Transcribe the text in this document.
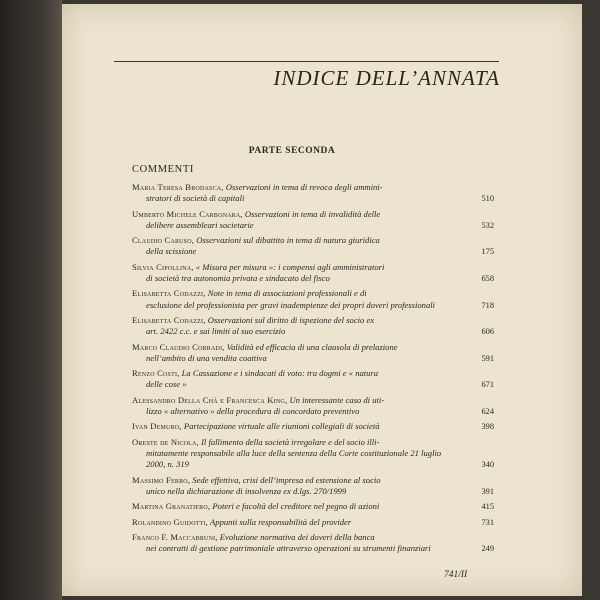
INDICE DELL’ANNATA
PARTE SECONDA
COMMENTI
Maria Teresa Brodasca, Osservazioni in tema di revoca degli ammini-
stratori di società di capitali	510
Umberto Michele Carbonara, Osservazioni in tema di invalidità delle
delibere assembleari societarie	532
Claudio Caruso, Osservazioni sul dibattito in tema di natura giuridica
della scissione	175
Silvia Cipollina, « Misura per misura »: i compensi agli amministratori
di società tra autonomia privata e sindacato del fisco	658
Elisabetta Codazzi, Note in tema di associazioni professionali e di
esclusione del professionista per gravi inadempienze dei propri doveri professionali	718
Elisabetta Codazzi, Osservazioni sul diritto di ispezione del socio ex
art. 2422 c.c. e sui limiti al suo esercizio	606
Marco Claudio Corradi, Validità ed efficacia di una clausola di prelazione
nell’ambito di una vendita coattiva	591
Renzo Costi, La Cassazione e i sindacati di voto: tra dogmi e « natura
delle cose »	671
Alessandro Della Chà e Francesca King, Un interessante caso di uti-
lizzo « alternativo » della procedura di concordato preventivo	624
Ivan Demuro, Partecipazione virtuale alle riunioni collegiali di società	398
Oreste de Nicola, Il fallimento della società irregolare e del socio illi-
mitatamente responsabile alla luce della sentenza della Corte costituzionale 21 luglio 2000, n. 319	340
Massimo Ferro, Sede effettiva, crisi dell’impresa ed estensione al socio
unico nella dichiarazione di insolvenza ex d.lgs. 270/1999	391
Martina Granatiero, Poteri e facoltà del creditore nel pegno di azioni	415
Rolandino Guidotti, Appunti sulla responsabilità del provider	731
Franco F. Maccabruni, Evoluzione normativa dei doveri della banca
nei contratti di gestione patrimoniale attraverso operazioni su strumenti finanziari	249
741/II
